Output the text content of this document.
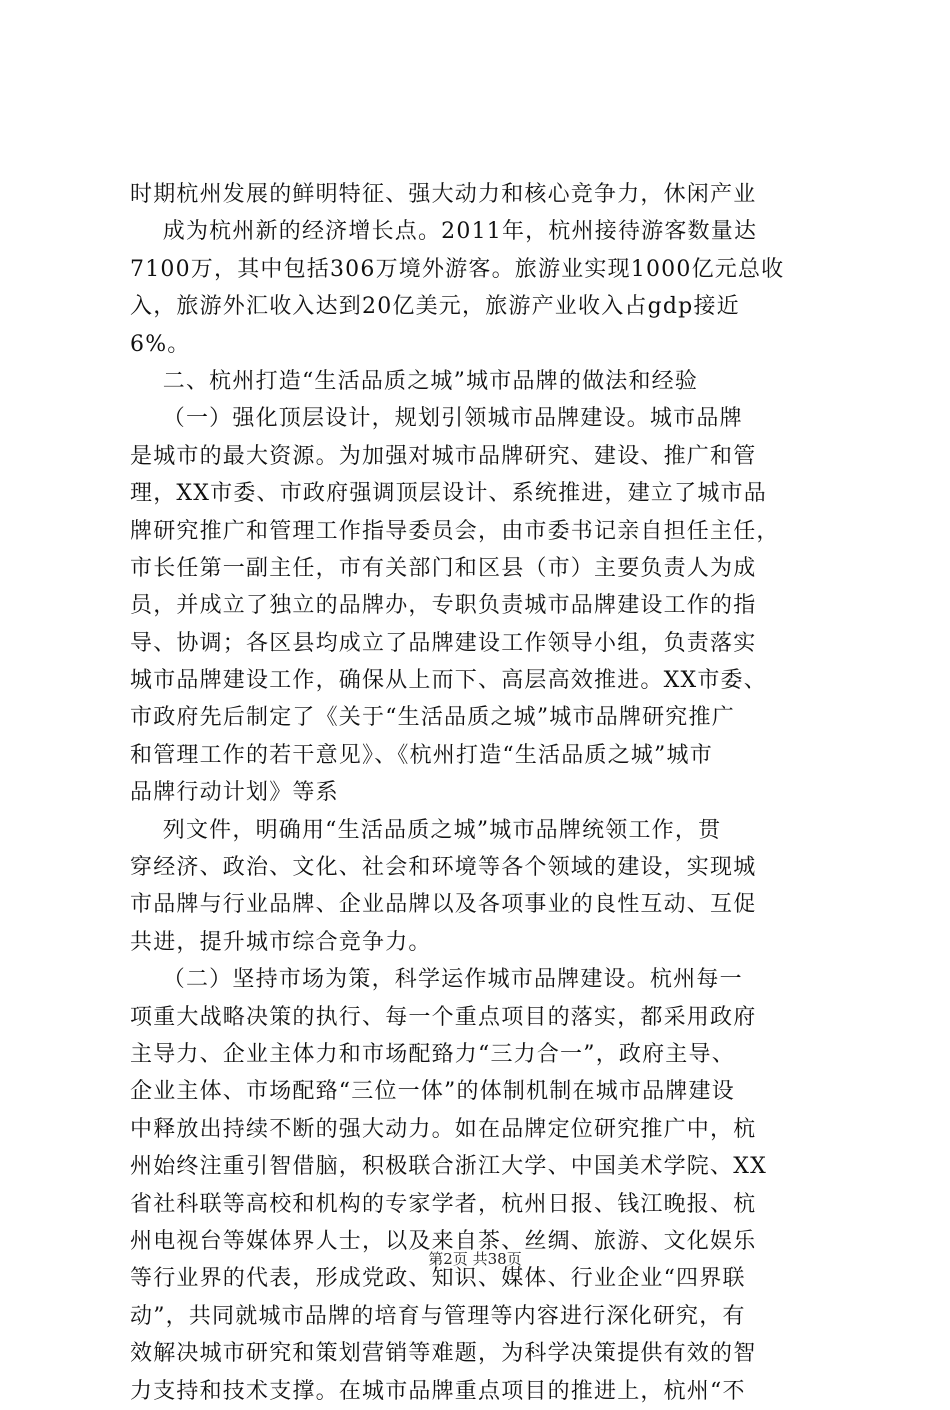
时期杭州发展的鲜明特征、强大动力和核心竞争力，休闲产业
成为杭州新的经济增长点。2011年，杭州接待游客数量达
7100万，其中包括306万境外游客。旅游业实现1000亿元总收
入，旅游外汇收入达到20亿美元，旅游产业收入占gdp接近
6%。
二、杭州打造“生活品质之城”城市品牌的做法和经验
（一）强化顶层设计，规划引领城市品牌建设。城市品牌
是城市的最大资源。为加强对城市品牌研究、建设、推广和管
理，XX市委、市政府强调顶层设计、系统推进，建立了城市品
牌研究推广和管理工作指导委员会，由市委书记亲自担任主任，
市长任第一副主任，市有关部门和区县（市）主要负责人为成
员，并成立了独立的品牌办，专职负责城市品牌建设工作的指
导、协调；各区县均成立了品牌建设工作领导小组，负责落实
城市品牌建设工作，确保从上而下、高层高效推进。XX市委、
市政府先后制定了《关于“生活品质之城”城市品牌研究推广
和管理工作的若干意见》、《杭州打造“生活品质之城”城市
品牌行动计划》等系
列文件，明确用“生活品质之城”城市品牌统领工作，贯
穿经济、政治、文化、社会和环境等各个领域的建设，实现城
市品牌与行业品牌、企业品牌以及各项事业的良性互动、互促
共进，提升城市综合竞争力。
（二）坚持市场为策，科学运作城市品牌建设。杭州每一
项重大战略决策的执行、每一个重点项目的落实，都采用政府
主导力、企业主体力和市场配臵力“三力合一”，政府主导、
企业主体、市场配臵“三位一体”的体制机制在城市品牌建设
中释放出持续不断的强大动力。如在品牌定位研究推广中，杭
州始终注重引智借脑，积极联合浙江大学、中国美术学院、XX
省社科联等高校和机构的专家学者，杭州日报、钱江晚报、杭
州电视台等媒体界人士，以及来自茶、丝绸、旅游、文化娱乐
等行业界的代表，形成党政、知识、媒体、行业企业“四界联
动”，共同就城市品牌的培育与管理等内容进行深化研究，有
效解决城市研究和策划营销等难题，为科学决策提供有效的智
力支持和技术支撑。在城市品牌重点项目的推进上，杭州“不
第2页 共38页
